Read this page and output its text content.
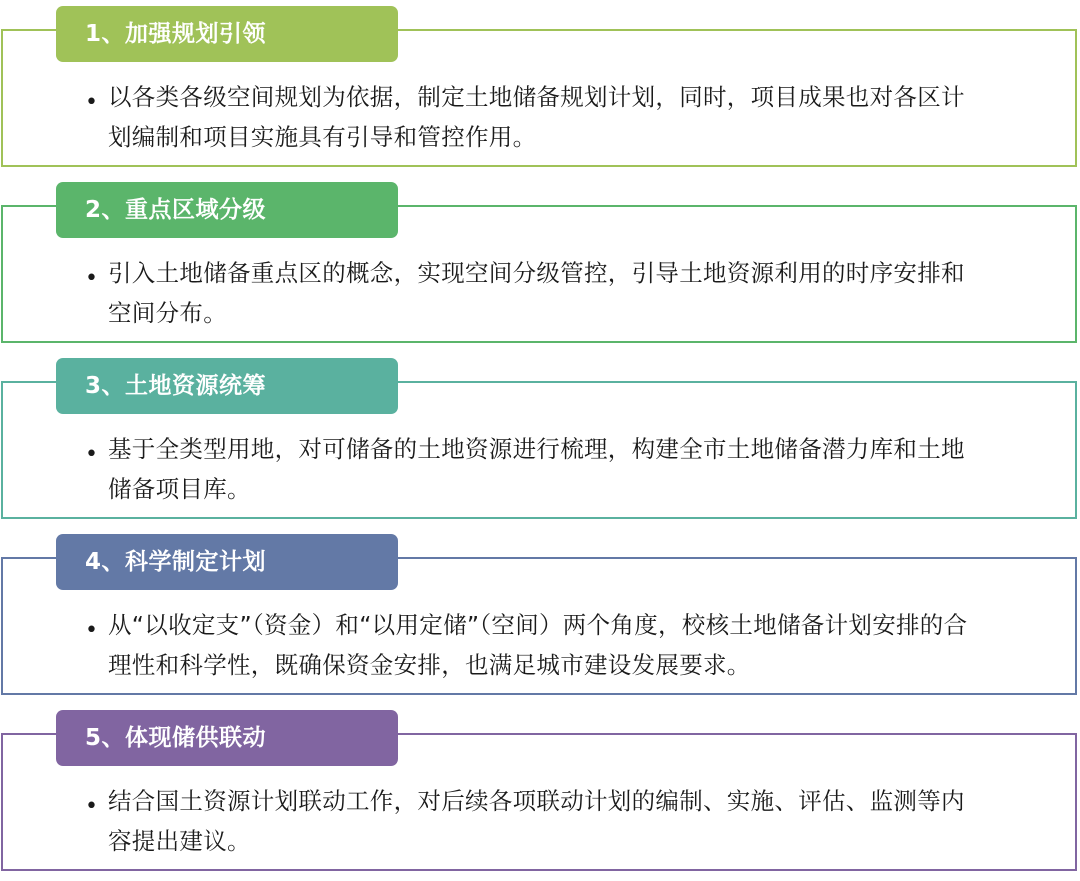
1、加强规划引领
• 以各类各级空间规划为依据，制定土地储备规划计划，同时，项目成果也对各区计划编制和项目实施具有引导和管控作用。
2、重点区域分级
• 引入土地储备重点区的概念，实现空间分级管控，引导土地资源利用的时序安排和空间分布。
3、土地资源统筹
• 基于全类型用地，对可储备的土地资源进行梳理，构建全市土地储备潜力库和土地储备项目库。
4、科学制定计划
• 从“以收定支”（资金）和“以用定储”（空间）两个角度，校核土地储备计划安排的合理性和科学性，既确保资金安排，也满足城市建设发展要求。
5、体现储供联动
• 结合国土资源计划联动工作，对后续各项联动计划的编制、实施、评估、监测等内容提出建议。
